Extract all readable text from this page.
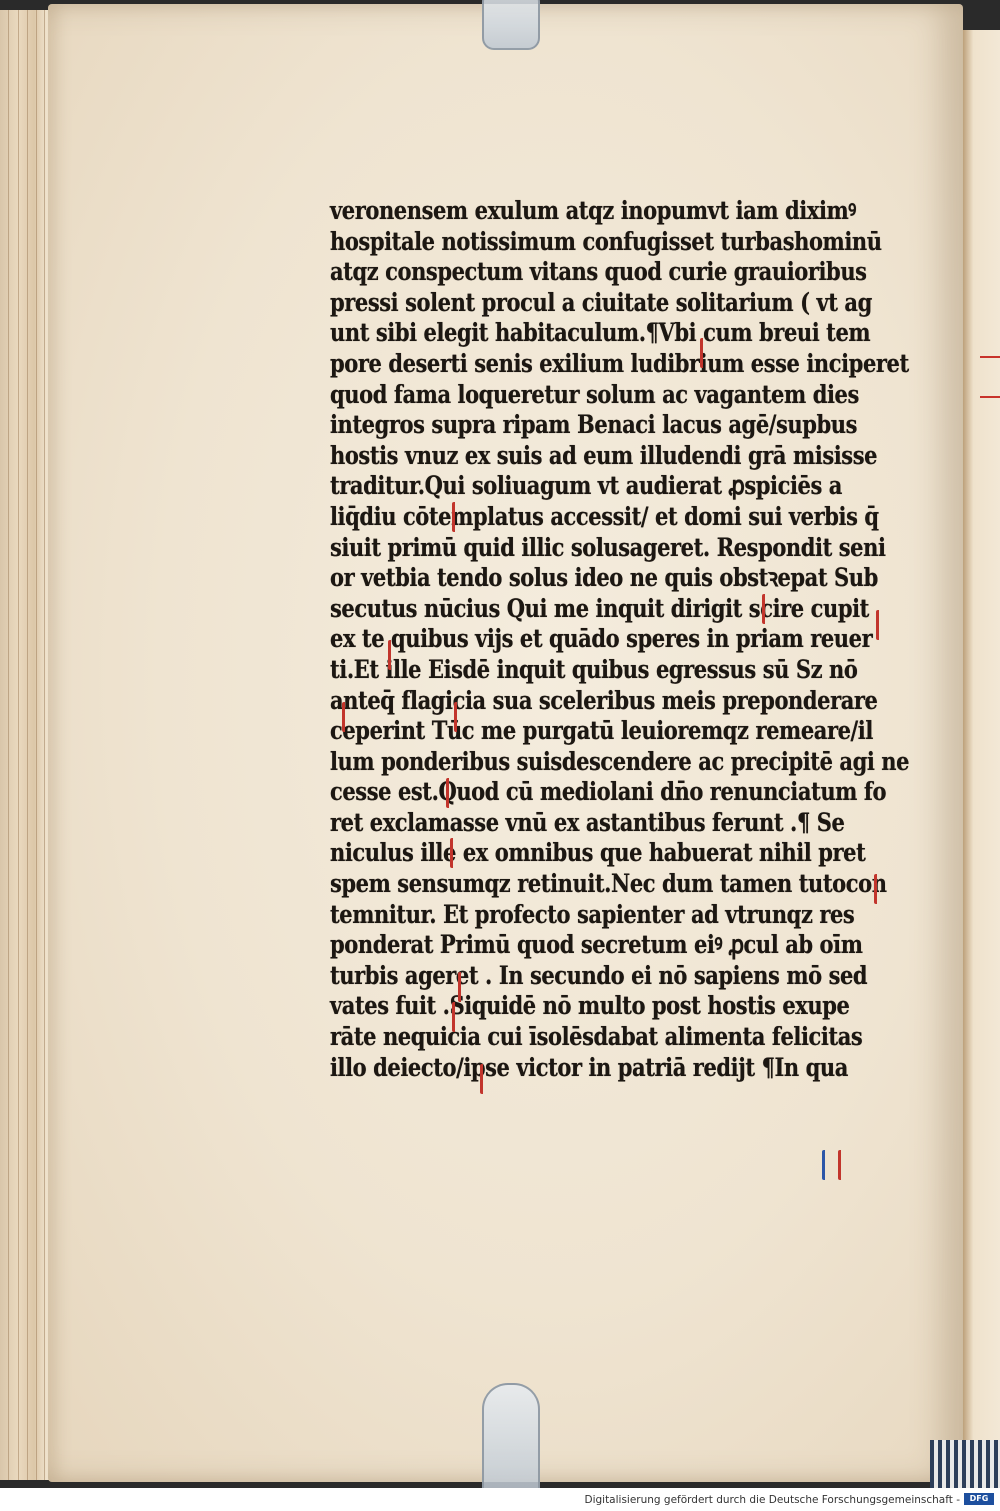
veronensem exulum atqz inopumvt iam diximꝰ
hospitale notissimum confugisset turbashominū
atqz conspectum vitans quod curie grauioribus
pressi solent procul a ciuitate solitarium ( vt ag
unt sibi elegit habitaculum.¶Vbi cum breui tem
pore deserti senis exilium ludibrium esse inciperet
quod fama loqueretur solum ac vagantem dies
integros supra ripam Benaci lacus agē/supbus
hostis vnuz ex suis ad eum illudendi grā misisse
traditur.Qui soliuagum vt audierat ꝓspiciēs a
liq̄diu cōtemplatus accessit/ et domi sui verbis q̄
siuit primū quid illic solusageret. Respondit seni
or vetbia tendo solus ideo ne quis obstꝛepat Sub
secutus nūcius Qui me inquit dirigit scire cupit
ex te quibus vijs et quādo speres in priam reuer
ti.Et ille Eisdē inquit quibus egressus sū Sz nō
anteq̄ flagicia sua sceleribus meis preponderare
ceperint Tūc me purgatū leuioremqz remeare/il
lum ponderibus suisdescendere ac precipitē agi ne
cesse est.Quod cū mediolani dn̄o renunciatum fo
ret exclamasse vnū ex astantibus ferunt .¶ Se
niculus ille ex omnibus que habuerat nihil pret
spem sensumqz retinuit.Nec dum tamen tutocon
temnitur. Et profecto sapienter ad vtrunqz res
ponderat Primū quod secretum eiꝰ ꝓcul ab oīm
turbis ageret . In secundo ei nō sapiens mō sed
vates fuit .Siquidē nō multo post hostis exupe
rāte nequicia cui īsolēsdabat alimenta felicitas
illo deiecto/ipse victor in patriā redijt ¶In qua
Digitalisierung gefördert durch die Deutsche Forschungsgemeinschaft -	DFG
